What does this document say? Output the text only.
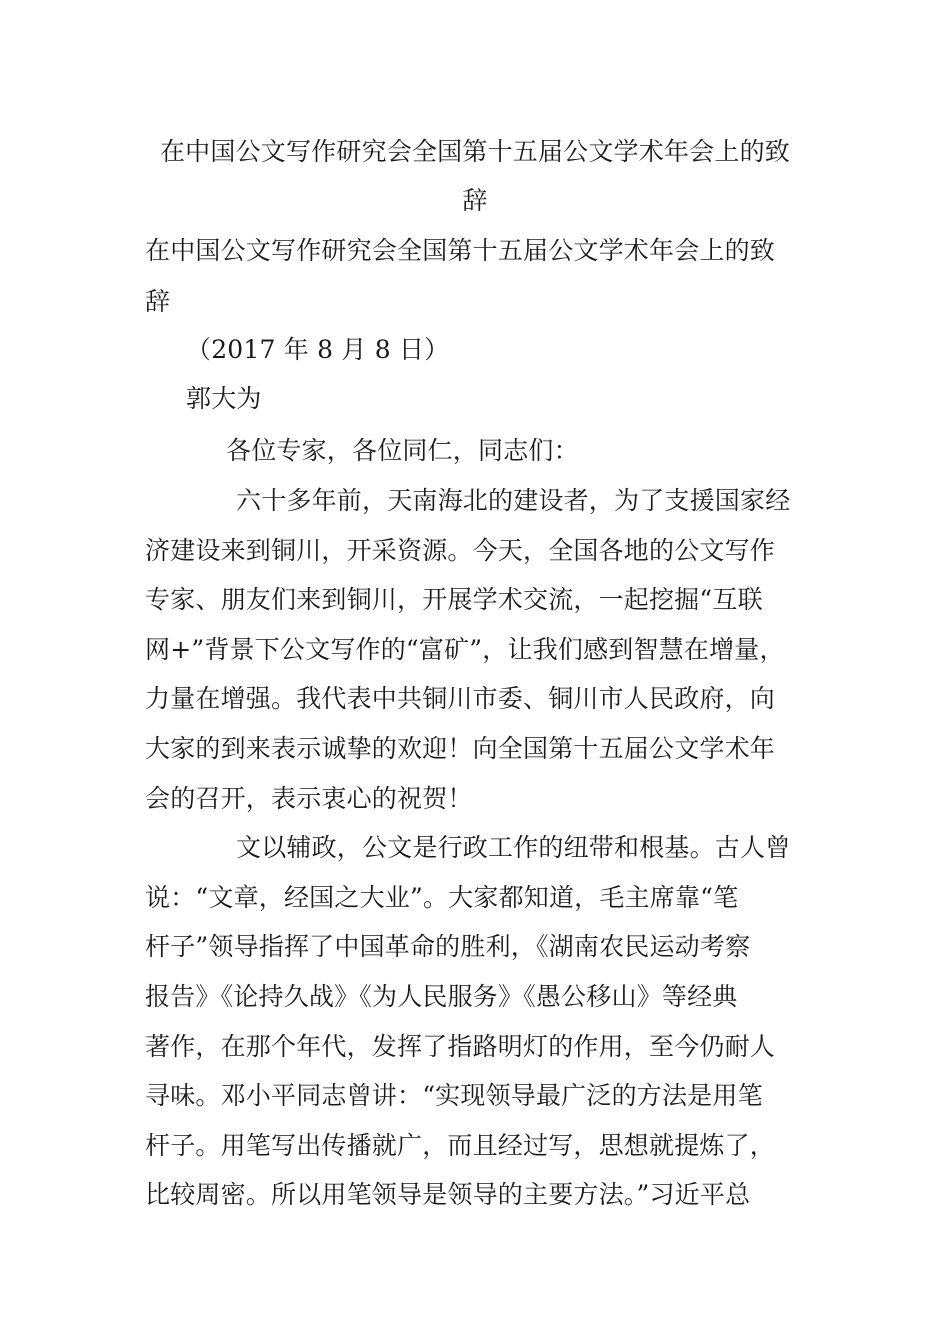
在中国公文写作研究会全国第十五届公文学术年会上的致
辞
在中国公文写作研究会全国第十五届公文学术年会上的致
辞
（2017 年 8 月 8 日）
郭大为
各位专家，各位同仁，同志们：
六十多年前，天南海北的建设者，为了支援国家经
济建设来到铜川，开采资源。今天，全国各地的公文写作
专家、朋友们来到铜川，开展学术交流，一起挖掘“互联
网+”背景下公文写作的“富矿”，让我们感到智慧在增量，
力量在增强。我代表中共铜川市委、铜川市人民政府，向
大家的到来表示诚挚的欢迎！向全国第十五届公文学术年
会的召开，表示衷心的祝贺！
文以辅政，公文是行政工作的纽带和根基。古人曾
说：“文章，经国之大业”。大家都知道，毛主席靠“笔
杆子”领导指挥了中国革命的胜利，《湖南农民运动考察
报告》《论持久战》《为人民服务》《愚公移山》等经典
著作，在那个年代，发挥了指路明灯的作用，至今仍耐人
寻味。邓小平同志曾讲：“实现领导最广泛的方法是用笔
杆子。用笔写出传播就广，而且经过写，思想就提炼了，
比较周密。所以用笔领导是领导的主要方法。”习近平总
